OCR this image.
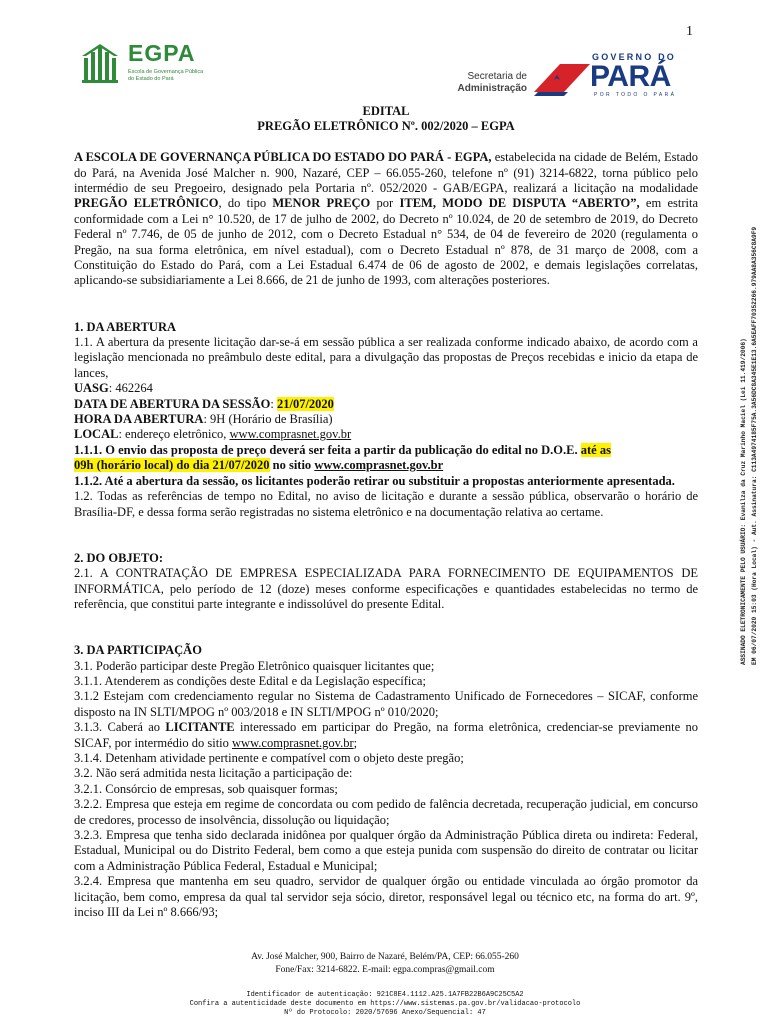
1
EGPA
Escola de Governança Pública
do Estado do Pará	Secretaria de
Administração
GOVERNO DO
PARÁ
POR TODO O PARÁ

EDITAL

PREGÃO ELETRÔNICO Nº. 002/2020 – EGPA

A ESCOLA DE GOVERNANÇA PÚBLICA DO ESTADO DO PARÁ - EGPA, estabelecida na cidade de Belém, Estado do Pará, na Avenida José Malcher n. 900, Nazaré, CEP – 66.055-260, telefone nº (91) 3214-6822, torna público pelo intermédio de seu Pregoeiro, designado pela Portaria nº. 052/2020 - GAB/EGPA, realizará a licitação na modalidade PREGÃO ELETRÔNICO, do tipo MENOR PREÇO por ITEM, MODO DE DISPUTA “ABERTO”, em estrita conformidade com a Lei n° 10.520, de 17 de julho de 2002, do Decreto nº 10.024, de 20 de setembro de 2019, do Decreto Federal nº 7.746, de 05 de junho de 2012, com o Decreto Estadual n° 534, de 04 de fevereiro de 2020 (regulamenta o Pregão, na sua forma eletrônica, em nível estadual), com o Decreto Estadual nº 878, de 31 março de 2008, com a Constituição do Estado do Pará, com a Lei Estadual 6.474 de 06 de agosto de 2002, e demais legislações correlatas, aplicando-se subsidiariamente a Lei 8.666, de 21 de junho de 1993, com alterações posteriores.

1. DA ABERTURA

1.1. A abertura da presente licitação dar-se-á em sessão pública a ser realizada conforme indicado abaixo, de acordo com a legislação mencionada no preâmbulo deste edital, para a divulgação das propostas de Preços recebidas e inicio da etapa de lances,

UASG: 462264

DATA DE ABERTURA DA SESSÃO: 21/07/2020

HORA DA ABERTURA: 9H (Horário de Brasília)

LOCAL: endereço eletrônico, www.comprasnet.gov.br

1.1.1. O envio das proposta de preço deverá ser feita a partir da publicação do edital no D.O.E. até as
09h (horário local) do dia 21/07/2020 no sitio www.comprasnet.gov.br

1.1.2. Até a abertura da sessão, os licitantes poderão retirar ou substituir a propostas anteriormente apresentada.

1.2. Todas as referências de tempo no Edital, no aviso de licitação e durante a sessão pública, observarão o horário de Brasília-DF, e dessa forma serão registradas no sistema eletrônico e na documentação relativa ao certame.

2. DO OBJETO:

2.1. A CONTRATAÇÃO DE EMPRESA ESPECIALIZADA PARA FORNECIMENTO DE EQUIPAMENTOS DE INFORMÁTICA, pelo período de 12 (doze) meses conforme especificações e quantidades estabelecidas no termo de referência, que constitui parte integrante e indissolúvel do presente Edital.

3. DA PARTICIPAÇÃO

3.1. Poderão participar deste Pregão Eletrônico quaisquer licitantes que;

3.1.1. Atenderem as condições deste Edital e da Legislação específica;

3.1.2 Estejam com credenciamento regular no Sistema de Cadastramento Unificado de Fornecedores – SICAF, conforme disposto na IN SLTI/MPOG nº 003/2018 e IN SLTI/MPOG nº 010/2020;

3.1.3. Caberá ao LICITANTE interessado em participar do Pregão, na forma eletrônica, credenciar-se previamente no SICAF, por intermédio do sitio www.comprasnet.gov.br;

3.1.4. Detenham atividade pertinente e compatível com o objeto deste pregão;

3.2. Não será admitida nesta licitação a participação de:

3.2.1. Consórcio de empresas, sob quaisquer formas;

3.2.2. Empresa que esteja em regime de concordata ou com pedido de falência decretada, recuperação judicial, em concurso de credores, processo de insolvência, dissolução ou liquidação;

3.2.3. Empresa que tenha sido declarada inidônea por qualquer órgão da Administração Pública direta ou indireta: Federal, Estadual, Municipal ou do Distrito Federal, bem como a que esteja punida com suspensão do direito de contratar ou licitar com a Administração Pública Federal, Estadual e Municipal;

3.2.4. Empresa que mantenha em seu quadro, servidor de qualquer órgão ou entidade vinculada ao órgão promotor da licitação, bem como, empresa da qual tal servidor seja sócio, diretor, responsável legal ou técnico etc, na forma do art. 9º, inciso III da Lei nº 8.666/93;

ASSINADO ELETRONICAMENTE PELO USUÁRIO: Evanilza da Cruz Marinho Maciel (Lei 11.419/2006) EM 06/07/2020 15:03 (Hora Local) - Aut. Assinatura: C113A4974185F75A.3A56DC8A345E1E13.6A5EAFF70352266.979AA8A356C8A9F9
Av. José Malcher, 900, Bairro de Nazaré, Belém/PA, CEP: 66.055-260
Fone/Fax: 3214-6822. E-mail: egpa.compras@gmail.com
Identificador de autenticação: 921C8E4.1112.A25.1A7FB22B6A9C25C5A2
Confira a autenticidade deste documento em https://www.sistemas.pa.gov.br/validacao-protocolo
Nº do Protocolo: 2020/57696 Anexo/Sequencial: 47
